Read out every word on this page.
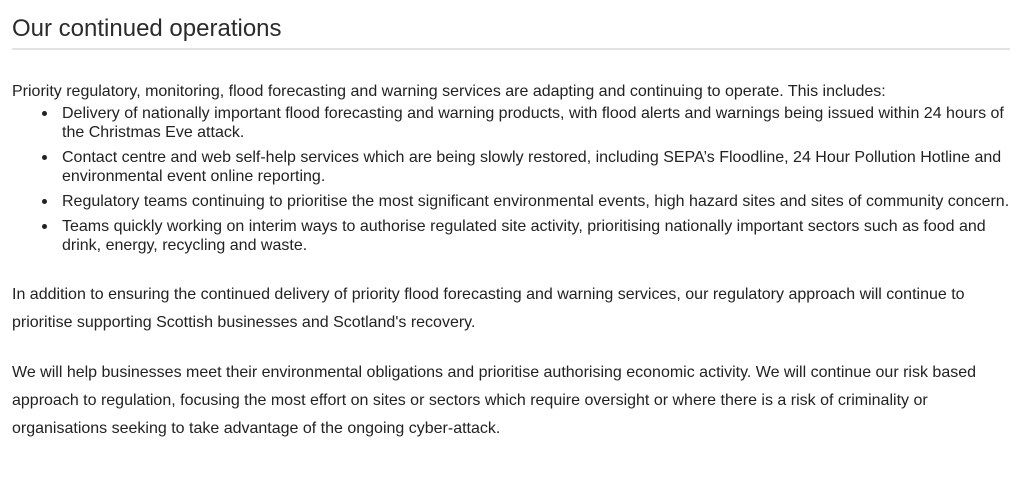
Our continued operations

Priority regulatory, monitoring, flood forecasting and warning services are adapting and continuing to operate. This includes:

Delivery of nationally important flood forecasting and warning products, with flood alerts and warnings being issued within 24 hours of the Christmas Eve attack.
Contact centre and web self-help services which are being slowly restored, including SEPA’s Floodline, 24 Hour Pollution Hotline and environmental event online reporting.
Regulatory teams continuing to prioritise the most significant environmental events, high hazard sites and sites of community concern.
Teams quickly working on interim ways to authorise regulated site activity, prioritising nationally important sectors such as food and drink, energy, recycling and waste.

In addition to ensuring the continued delivery of priority flood forecasting and warning services, our regulatory approach will continue to prioritise supporting Scottish businesses and Scotland's recovery.

We will help businesses meet their environmental obligations and prioritise authorising economic activity. We will continue our risk based approach to regulation, focusing the most effort on sites or sectors which require oversight or where there is a risk of criminality or organisations seeking to take advantage of the ongoing cyber-attack.
